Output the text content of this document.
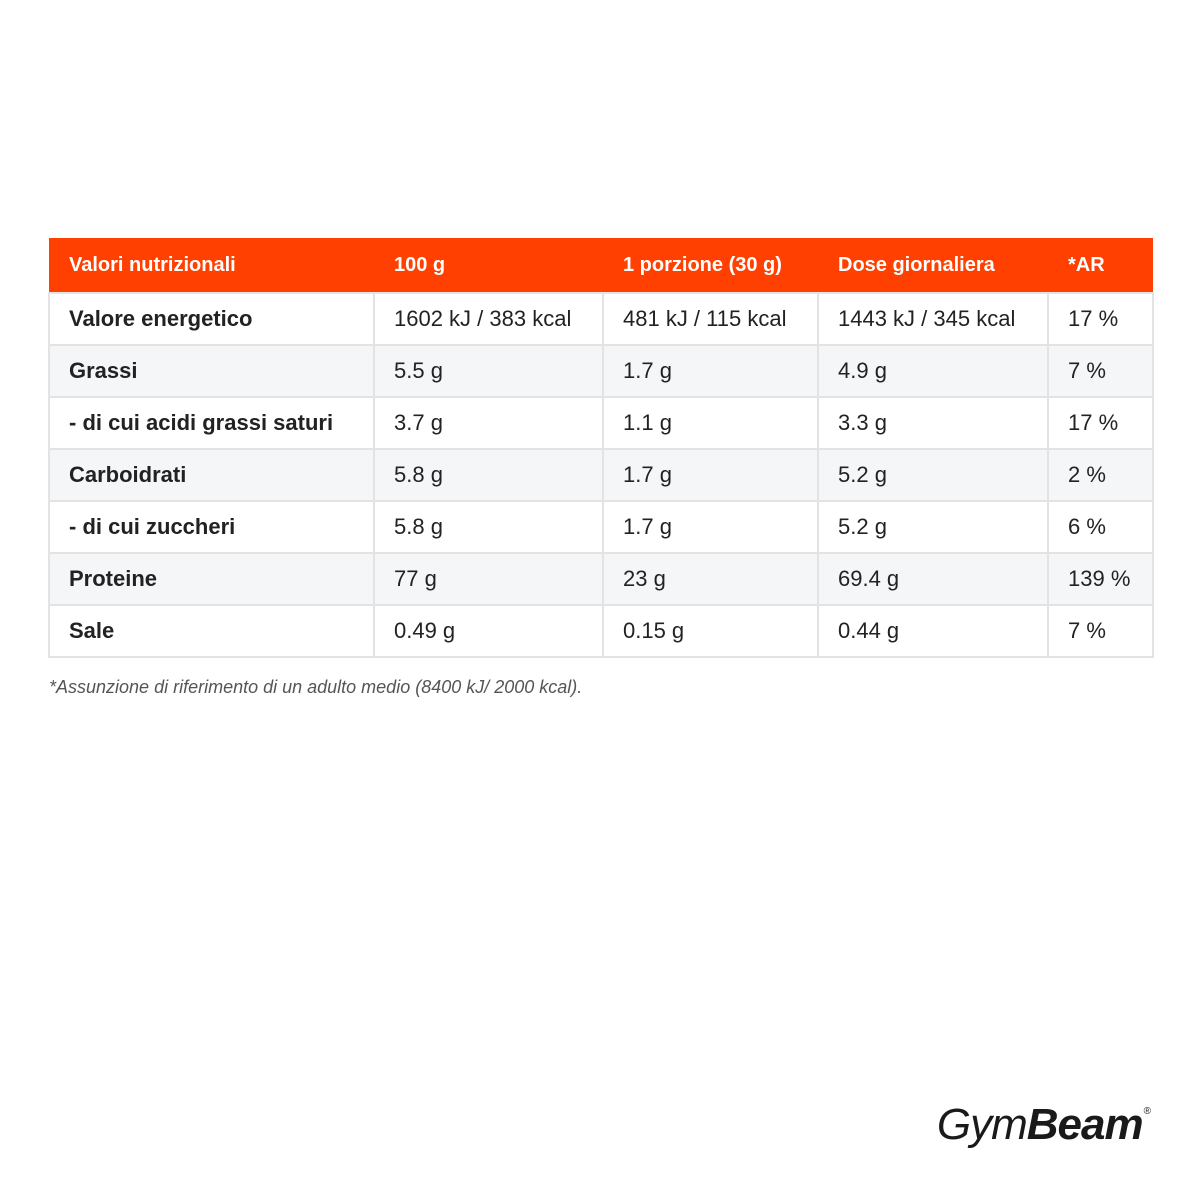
Valori nutrizionali	100 g	1 porzione (30 g)	Dose giornaliera	*AR
Valore energetico	1602 kJ / 383 kcal	481 kJ / 115 kcal	1443 kJ / 345 kcal	17 %
Grassi	5.5 g	1.7 g	4.9 g	7 %
- di cui acidi grassi saturi	3.7 g	1.1 g	3.3 g	17 %
Carboidrati	5.8 g	1.7 g	5.2 g	2 %
- di cui zuccheri	5.8 g	1.7 g	5.2 g	6 %
Proteine	77 g	23 g	69.4 g	139 %
Sale	0.49 g	0.15 g	0.44 g	7 %
*Assunzione di riferimento di un adulto medio (8400 kJ/ 2000 kcal).
GymBeam®
